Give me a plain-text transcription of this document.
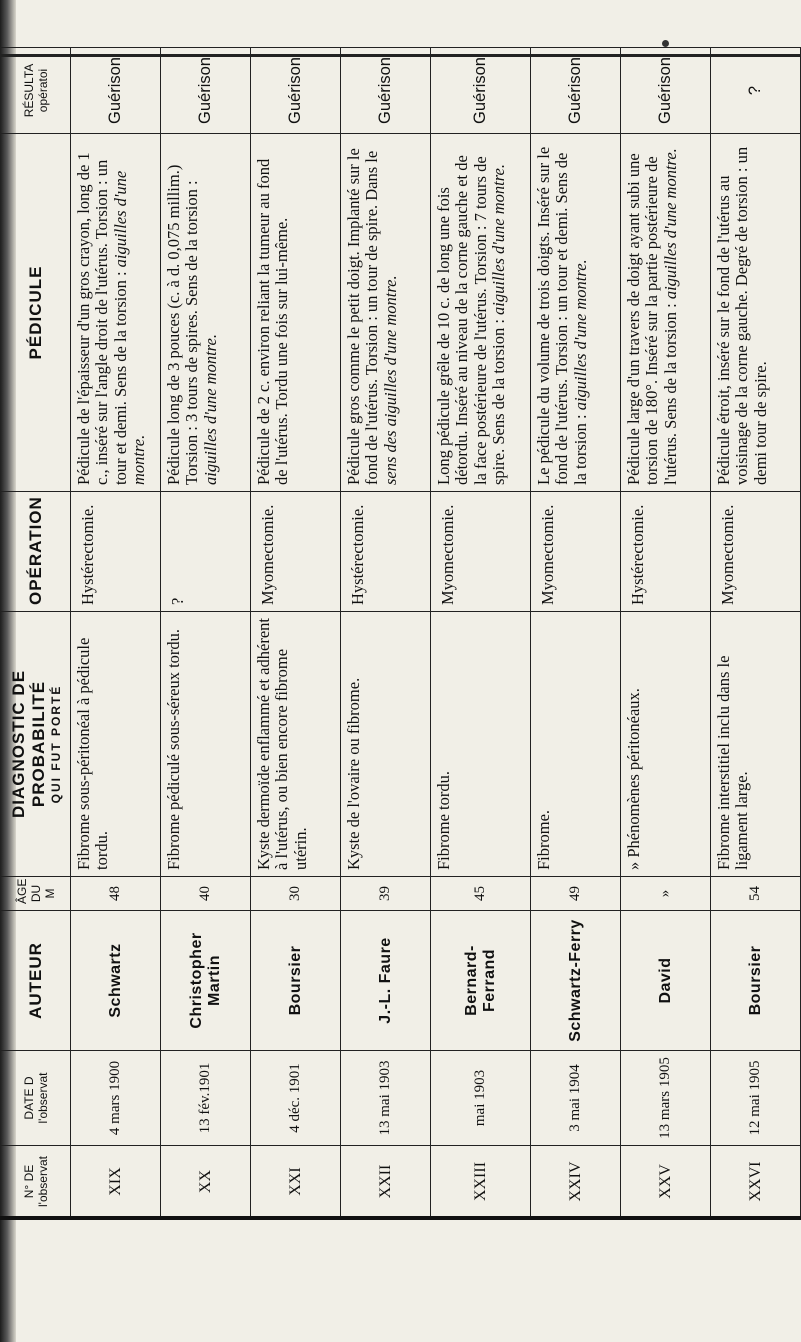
N° DE l'observat	DATE D l'observat	AUTEUR	ÂGE DU M	DIAGNOSTIC DE PROBABILITÉ QUI FUT PORTÉ	OPÉRATION	PÉDICULE	RÉSULTA opératoi

XIX	4 mars 1900	Schwartz	48	Fibrome sous-péritonéal à pédicule tordu.	Hystérectomie.	Pédicule de l'épaisseur d'un gros crayon, long de 1 c., inséré sur l'angle droit de l'utérus. Torsion : un tour et demi. Sens de la torsion : aiguilles d'une montre.	Guérison
XX	13 fév.1901	Christopher Martin	40	Fibrome pédiculé sous-séreux tordu.	?	Pédicule long de 3 pouces (c. à d. 0,075 millim.) Torsion : 3 tours de spires. Sens de la torsion : aiguilles d'une montre.	Guérison
XXI	4 déc. 1901	Boursier	30	Kyste dermoïde enflammé et adhérent à l'utérus, ou bien encore fibrome utérin.	Myomectomie.	Pédicule de 2 c. environ reliant la tumeur au fond de l'utérus. Tordu une fois sur lui-même.	Guérison
XXII	13 mai 1903	J.-L. Faure	39	Kyste de l'ovaire ou fibrome.	Hystérectomie.	Pédicule gros comme le petit doigt. Implanté sur le fond de l'utérus. Torsion : un tour de spire. Dans le sens des aiguilles d'une montre.	Guérison
XXIII	mai 1903	Bernard-Ferrand	45	Fibrome tordu.	Myomectomie.	Long pédicule grêle de 10 c. de long une fois détordu. Inséré au niveau de la corne gauche et de la face postérieure de l'utérus. Torsion : 7 tours de spire. Sens de la torsion : aiguilles d'une montre.	Guérison
XXIV	3 mai 1904	Schwartz-Ferry	49	Fibrome.	Myomectomie.	Le pédicule du volume de trois doigts. Inséré sur le fond de l'utérus. Torsion : un tour et demi. Sens de la torsion : aiguilles d'une montre.	Guérison
XXV	13 mars 1905	David	»	» Phénomènes péritonéaux.	Hystérectomie.	Pédicule large d'un travers de doigt ayant subi une torsion de 180°. Inséré sur la partie postérieure de l'utérus. Sens de la torsion : aiguilles d'une montre.	Guérison
XXVI	12 mai 1905	Boursier	54	Fibrome interstitiel inclu dans le ligament large.	Myomectomie.	Pédicule étroit, inséré sur le fond de l'utérus au voisinage de la corne gauche. Degré de torsion : un demi tour de spire.	?
